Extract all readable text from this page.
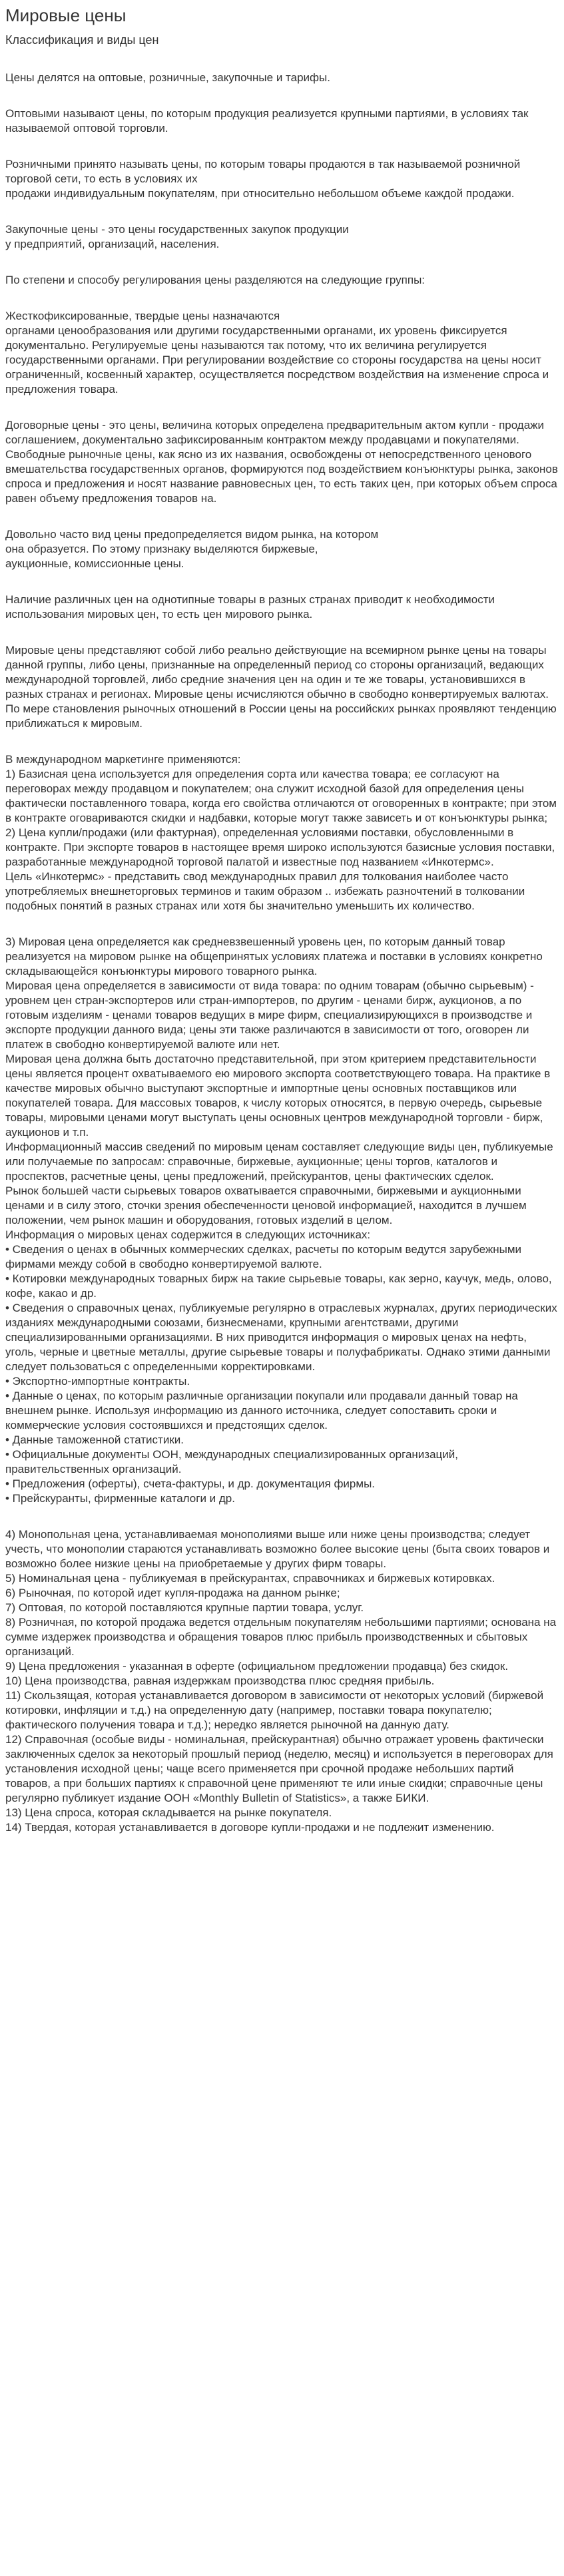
Мировые цены
Классификация и виды цен

Цены делятся на оптовые, розничные, закупочные и тарифы.

Оптовыми называют цены, по которым продукция реализуется крупными партиями, в условиях так называемой оптовой торговли.

Розничными принято называть цены, по которым товары продаются в так называемой розничной торговой сети, то есть в условиях их
продажи индивидуальным покупателям, при относительно небольшом объеме каждой продажи.

Закупочные цены - это цены государственных закупок продукции
у предприятий, организаций, населения.

По степени и способу регулирования цены разделяются на следующие группы:

Жесткофиксированные, твердые цены назначаются
органами ценообразования или другими государственными органами, их уровень фиксируется документально. Регулируемые цены называются так потому, что их величина регулируется государственными органами. При регулировании воздействие со стороны государства на цены носит ограниченный, косвенный характер, осуществляется посредством воздействия на изменение спроса и предложения товара.

Договорные цены - это цены, величина которых определена предварительным актом купли - продажи соглашением, документально зафиксированным контрактом между продавцами и покупателями. Свободные рыночные цены, как ясно из их названия, освобождены от непосредственного ценового вмешательства государственных органов, формируются под воздействием конъюнктуры рынка, законов спроса и предложения и носят название равновесных цен, то есть таких цен, при которых объем спроса равен объему предложения товаров на.

Довольно часто вид цены предопределяется видом рынка, на котором
она образуется. По этому признаку выделяются биржевые,
аукционные, комиссионные цены.

Наличие различных цен на однотипные товары в разных странах приводит к необходимости использования мировых цен, то есть цен мирового рынка.

Мировые цены представляют собой либо реально действующие на всемирном рынке цены на товары данной группы, либо цены, признанные на определенный период со стороны организаций, ведающих международной торговлей, либо средние значения цен на один и те же товары, установившихся в разных странах и регионах. Мировые цены исчисляются обычно в свободно конвертируемых валютах. По мере становления рыночных отношений в России цены на российских рынках проявляют тенденцию приближаться к мировым.

В международном маркетинге применяются:
1) Базисная цена используется для определения сорта или качества товара; ее согласуют на переговорах между продавцом и покупателем; она служит исходной базой для определения цены фактически поставленного товара, когда его свойства отличаются от оговоренных в контракте; при этом в контракте оговариваются скидки и надбавки, которые могут также зависеть и от конъюнктуры рынка;
2) Цена купли/продажи (или фактурная), определенная условиями поставки, обусловленными в контракте. При экспорте товаров в настоящее время широко используются базисные условия поставки, разработанные международной торговой палатой и известные под названием «Инкотермс».
Цель «Инкотермс» - представить свод международных правил для толкования наиболее часто употребляемых внешнеторговых терминов и таким образом .. избежать разночтений в толковании подобных понятий в разных странах или хотя бы значительно уменьшить их количество.

3) Мировая цена определяется как средневзвешенный уровень цен, по которым данный товар реализуется на мировом рынке на общепринятых условиях платежа и поставки в условиях конкретно складывающейся конъюнктуры мирового товарного рынка.
Мировая цена определяется в зависимости от вида товара: по одним товарам (обычно сырьевым) - уровнем цен стран-экспортеров или стран-импортеров, по другим - ценами бирж, аукционов, а по готовым изделиям - ценами товаров ведущих в мире фирм, специализирующихся в производстве и экспорте продукции данного вида; цены эти также различаются в зависимости от того, оговорен ли платеж в свободно конвертируемой валюте или нет.
Мировая цена должна быть достаточно представительной, при этом критерием представительности цены является процент охватываемого ею мирового экспорта соответствующего товара. На практике в качестве мировых обычно выступают экспортные и импортные цены основных поставщиков или покупателей товара. Для массовых товаров, к числу которых относятся, в первую очередь, сырьевые товары, мировыми ценами могут выступать цены основных центров международной торговли - бирж, аукционов и т.п.
Информационный массив сведений по мировым ценам составляет следующие виды цен, публикуемые или получаемые по запросам: справочные, биржевые, аукционные; цены торгов, каталогов и проспектов, расчетные цены, цены предложений, прейскурантов, цены фактических сделок.
Рынок большей части сырьевых товаров охватывается справочными, биржевыми и аукционными ценами и в силу этого, сточки зрения обеспеченности ценовой информацией, находится в лучшем положении, чем рынок машин и оборудования, готовых изделий в целом.
Информация о мировых ценах содержится в следующих источниках:
• Сведения о ценах в обычных коммерческих сделках, расчеты по которым ведутся зарубежными фирмами между собой в свободно конвертируемой валюте.
• Котировки международных товарных бирж на такие сырьевые товары, как зерно, каучук, медь, олово, кофе, какао и др.
• Сведения о справочных ценах, публикуемые регулярно в отраслевых журналах, других периодических изданиях международными союзами, бизнесменами, крупными агентствами, другими специализированными организациями. В них приводится информация о мировых ценах на нефть, уголь, черные и цветные металлы, другие сырьевые товары и полуфабрикаты. Однако этими данными следует пользоваться с определенными корректировками.
• Экспортно-импортные контракты.
• Данные о ценах, по которым различные организации покупали или продавали данный товар на внешнем рынке. Используя информацию из данного источника, следует сопоставить сроки и коммерческие условия состоявшихся и предстоящих сделок.
• Данные таможенной статистики.
• Официальные документы ООН, международных специализированных организаций, правительственных организаций.
• Предложения (оферты), счета-фактуры, и др. документация фирмы.
• Прейскуранты, фирменные каталоги и др.

4) Монопольная цена, устанавливаемая монополиями выше или ниже цены производства; следует учесть, что монополии стараются устанавливать возможно более высокие цены (быта своих товаров и возможно более низкие цены на приобретаемые у других фирм товары.
5) Номинальная цена - публикуемая в прейскурантах, справочниках и биржевых котировках.
6) Рыночная, по которой идет купля-продажа на данном рынке;
7) Оптовая, по которой поставляются крупные партии товара, услуг.
8) Розничная, по которой продажа ведется отдельным покупателям небольшими партиями; основана на сумме издержек производства и обращения товаров плюс прибыль производственных и сбытовых организаций.
9) Цена предложения - указанная в оферте (официальном предложении продавца) без скидок.
10) Цена производства, равная издержкам производства плюс средняя прибыль.
11) Скользящая, которая устанавливается договором в зависимости от некоторых условий (биржевой котировки, инфляции и т.д.) на определенную дату (например, поставки товара покупателю; фактического получения товара и т.д.); нередко является рыночной на данную дату.
12) Справочная (особые виды - номинальная, прейскурантная) обычно отражает уровень фактически заключенных сделок за некоторый прошлый период (неделю, месяц) и используется в переговорах для установления исходной цены; чаще всего применяется при срочной продаже небольших партий товаров, а при больших партиях к справочной цене применяют те или иные скидки; справочные цены регулярно публикует издание ООН «Monthly Bulletin of Statistics», а также БИКИ.
13) Цена спроса, которая складывается на рынке покупателя.
14) Твердая, которая устанавливается в договоре купли-продажи и не подлежит изменению.
